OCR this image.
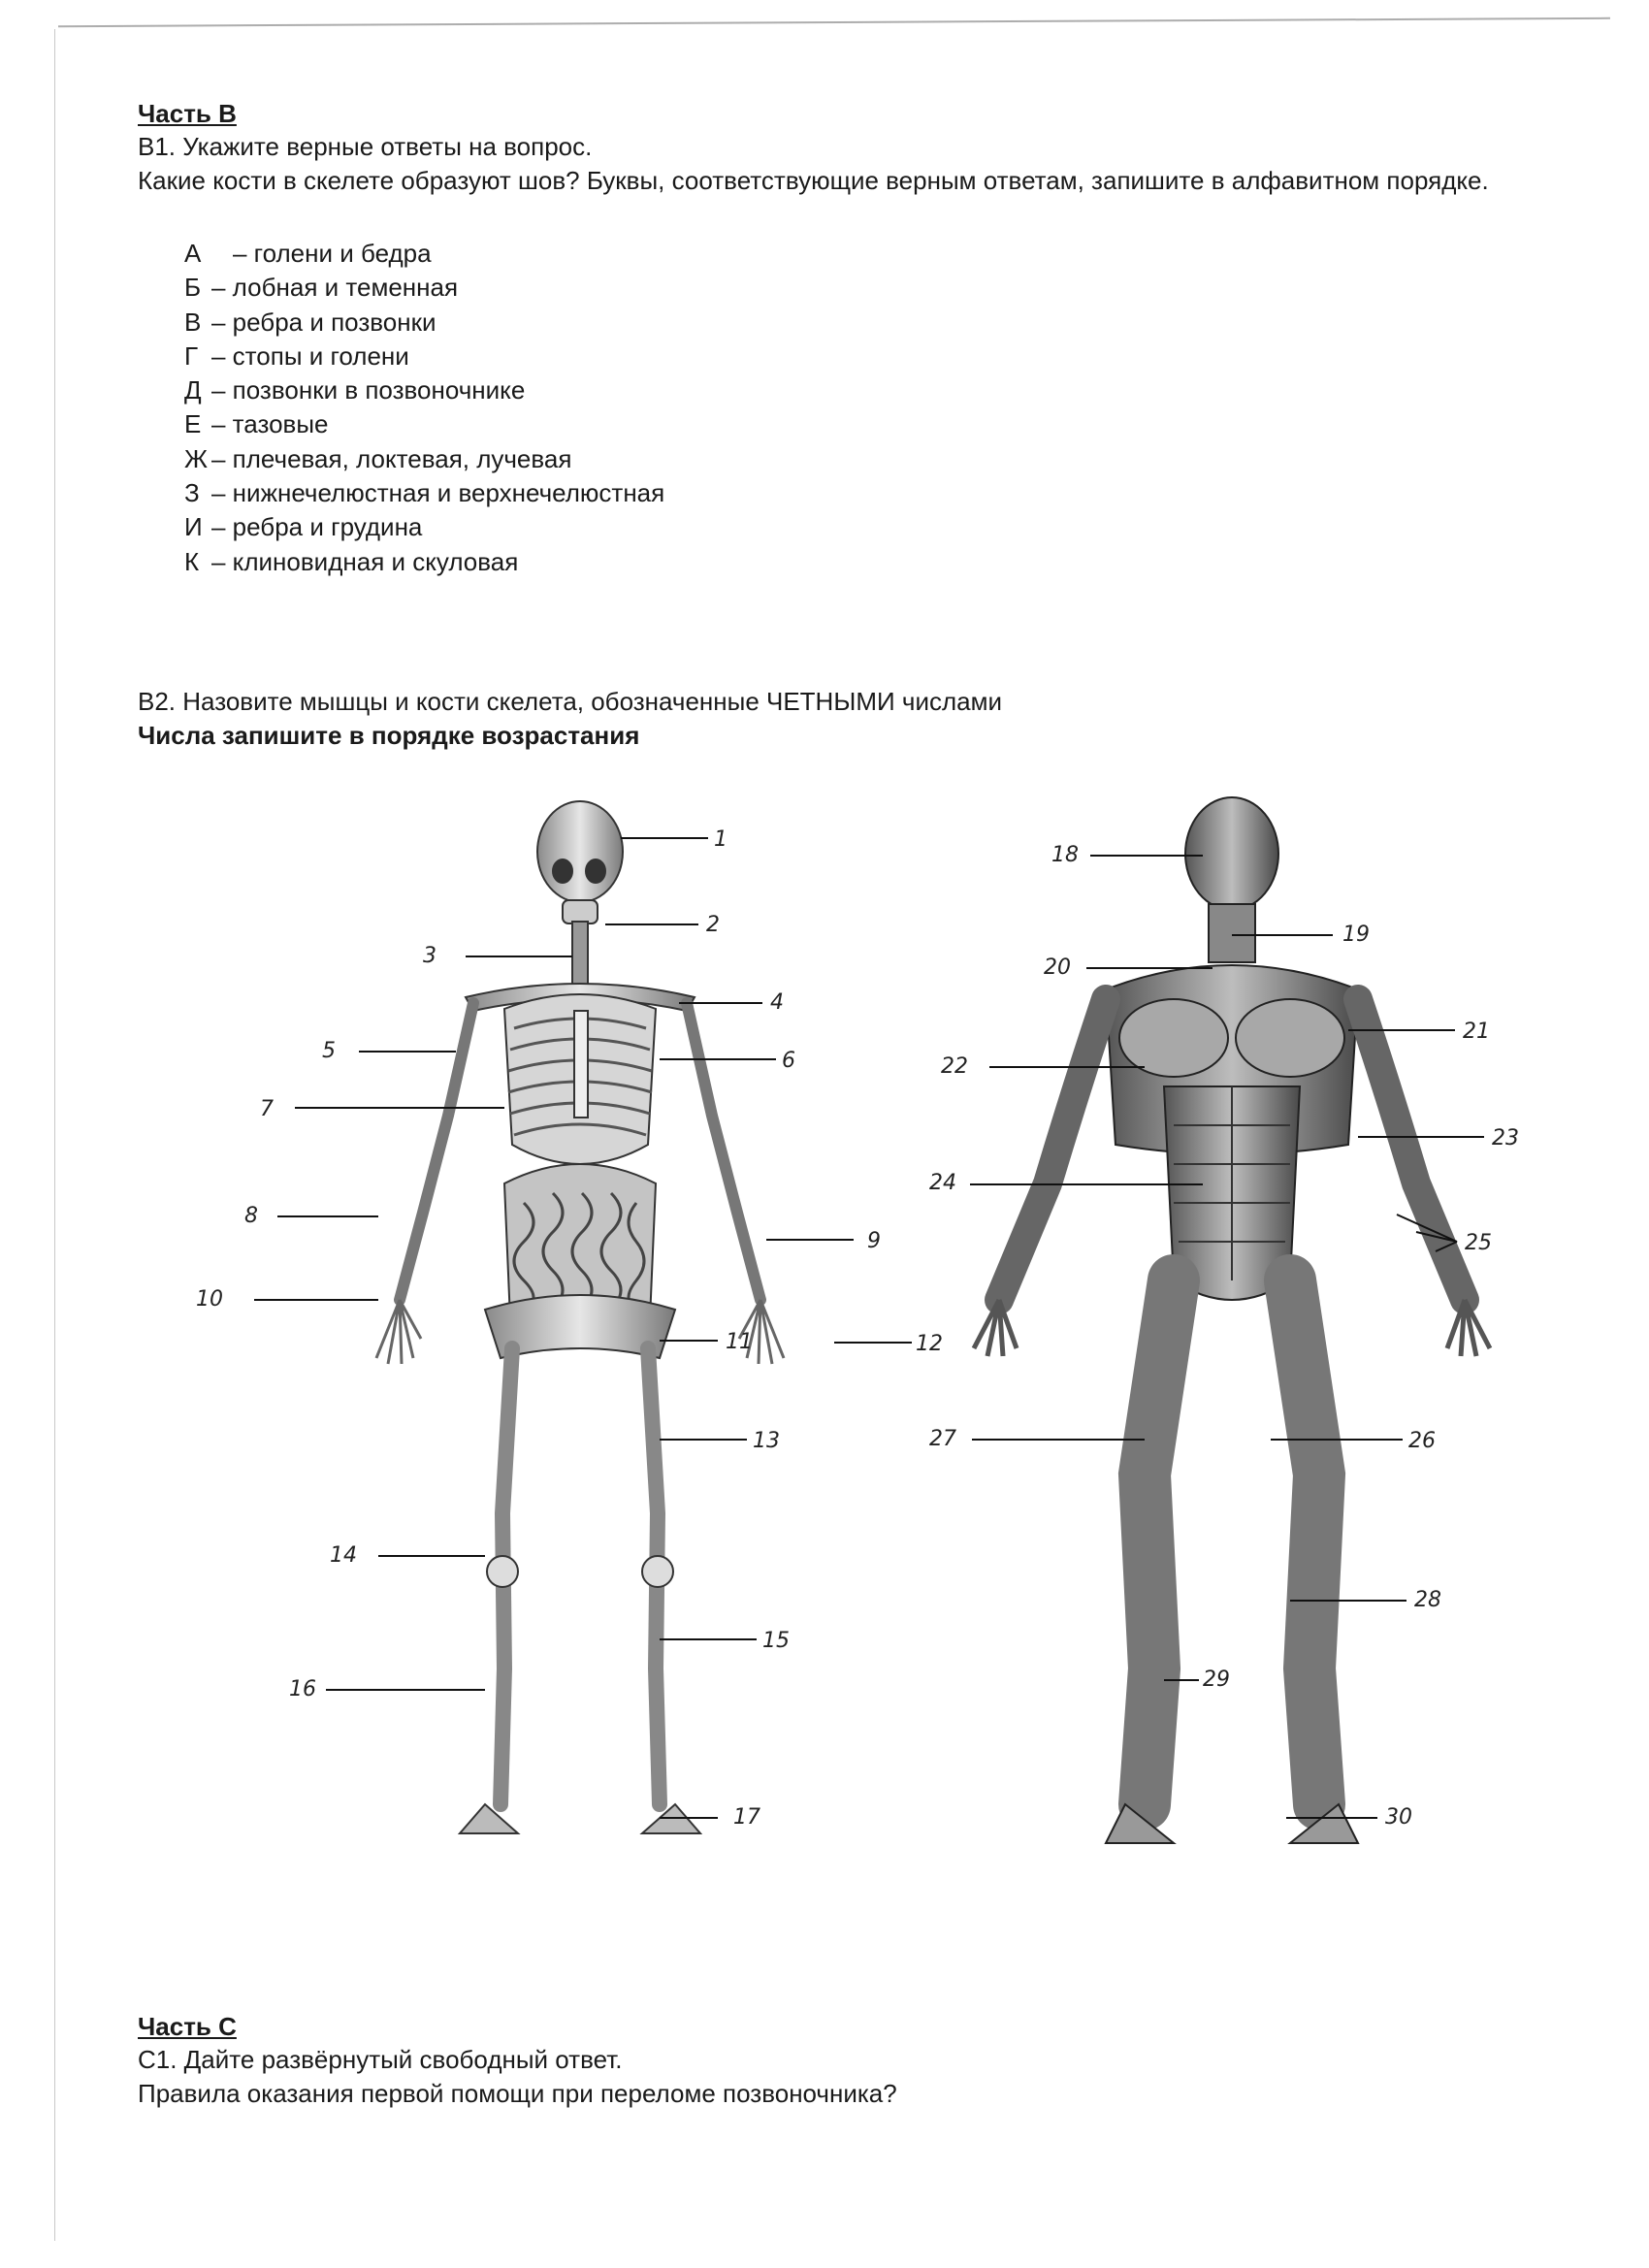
Часть В

В1. Укажите верные ответы на вопрос.

Какие кости в скелете образуют шов? Буквы, соответствующие верным ответам, запишите в алфавитном порядке.

А	– голени и бедра
Б – лобная и теменная
В – ребра и позвонки
Г – стопы и голени
Д – позвонки в позвоночнике
Е – тазовые
Ж – плечевая, локтевая, лучевая
З – нижнечелюстная и верхнечелюстная
И – ребра и грудина
К – клиновидная и скуловая

В2. Назовите мышцы и кости скелета, обозначенные ЧЕТНЫМИ числами

Числа запишите в порядке возрастания

1
2
3
4
5	6
7
8
9
10
11	12
13
14
15
16
17
18
19
20
21
22
23
24
25
26
27
28
29
30

Часть С

С1. Дайте развёрнутый свободный ответ.

Правила оказания первой помощи при переломе позвоночника?
